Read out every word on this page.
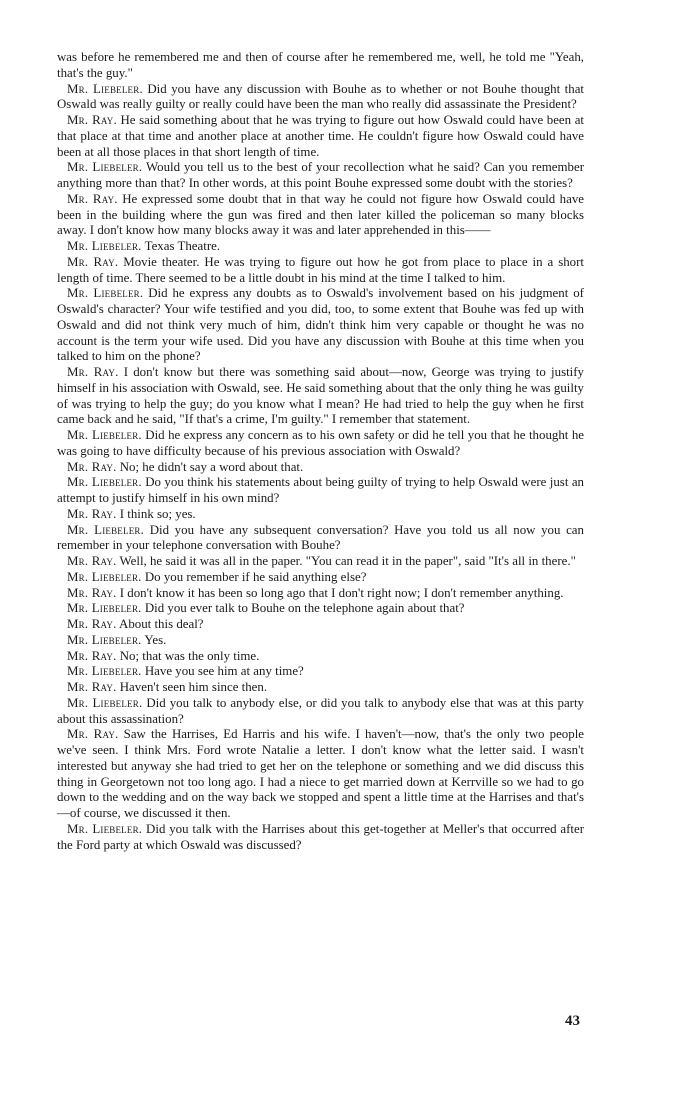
was before he remembered me and then of course after he remembered me, well, he told me "Yeah, that's the guy."

Mr. Liebeler. Did you have any discussion with Bouhe as to whether or not Bouhe thought that Oswald was really guilty or really could have been the man who really did assassinate the President?

Mr. Ray. He said something about that he was trying to figure out how Oswald could have been at that place at that time and another place at another time. He couldn't figure how Oswald could have been at all those places in that short length of time.

Mr. Liebeler. Would you tell us to the best of your recollection what he said? Can you remember anything more than that? In other words, at this point Bouhe expressed some doubt with the stories?

Mr. Ray. He expressed some doubt that in that way he could not figure how Oswald could have been in the building where the gun was fired and then later killed the policeman so many blocks away. I don't know how many blocks away it was and later apprehended in this——

Mr. Liebeler. Texas Theatre.

Mr. Ray. Movie theater. He was trying to figure out how he got from place to place in a short length of time. There seemed to be a little doubt in his mind at the time I talked to him.

Mr. Liebeler. Did he express any doubts as to Oswald's involvement based on his judgment of Oswald's character? Your wife testified and you did, too, to some extent that Bouhe was fed up with Oswald and did not think very much of him, didn't think him very capable or thought he was no account is the term your wife used. Did you have any discussion with Bouhe at this time when you talked to him on the phone?

Mr. Ray. I don't know but there was something said about—now, George was trying to justify himself in his association with Oswald, see. He said something about that the only thing he was guilty of was trying to help the guy; do you know what I mean? He had tried to help the guy when he first came back and he said, "If that's a crime, I'm guilty." I remember that statement.

Mr. Liebeler. Did he express any concern as to his own safety or did he tell you that he thought he was going to have difficulty because of his previous association with Oswald?

Mr. Ray. No; he didn't say a word about that.

Mr. Liebeler. Do you think his statements about being guilty of trying to help Oswald were just an attempt to justify himself in his own mind?

Mr. Ray. I think so; yes.

Mr. Liebeler. Did you have any subsequent conversation? Have you told us all now you can remember in your telephone conversation with Bouhe?

Mr. Ray. Well, he said it was all in the paper. "You can read it in the paper", said "It's all in there."

Mr. Liebeler. Do you remember if he said anything else?

Mr. Ray. I don't know it has been so long ago that I don't right now; I don't remember anything.

Mr. Liebeler. Did you ever talk to Bouhe on the telephone again about that?

Mr. Ray. About this deal?

Mr. Liebeler. Yes.

Mr. Ray. No; that was the only time.

Mr. Liebeler. Have you see him at any time?

Mr. Ray. Haven't seen him since then.

Mr. Liebeler. Did you talk to anybody else, or did you talk to anybody else that was at this party about this assassination?

Mr. Ray. Saw the Harrises, Ed Harris and his wife. I haven't—now, that's the only two people we've seen. I think Mrs. Ford wrote Natalie a letter. I don't know what the letter said. I wasn't interested but anyway she had tried to get her on the telephone or something and we did discuss this thing in Georgetown not too long ago. I had a niece to get married down at Kerrville so we had to go down to the wedding and on the way back we stopped and spent a little time at the Harrises and that's—of course, we discussed it then.

Mr. Liebeler. Did you talk with the Harrises about this get-together at Meller's that occurred after the Ford party at which Oswald was discussed?

43
